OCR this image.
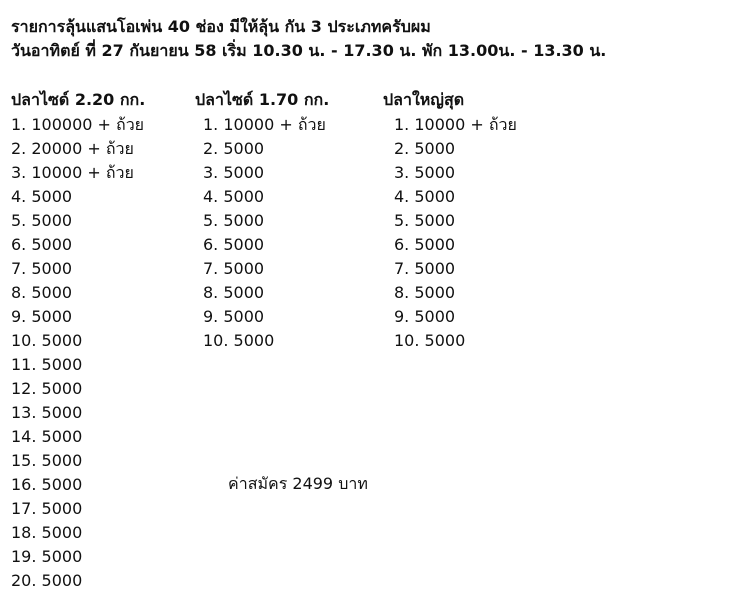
รายการลุ้นแสนโอเพ่น 40 ช่อง มีให้ลุ้น กัน 3 ประเภทครับผม
วันอาทิตย์ ที่ 27 กันยายน 58 เริ่ม 10.30 น. - 17.30 น. พัก 13.00น. - 13.30 น.
ปลาไซด์ 2.20 กก.	ปลาไซด์ 1.70 กก.	ปลาใหญ่สุด
1. 100000 + ถ้วย
2. 20000 + ถ้วย
3. 10000 + ถ้วย
4. 5000
5. 5000
6. 5000
7. 5000
8. 5000
9. 5000
10. 5000
11. 5000
12. 5000
13. 5000
14. 5000
15. 5000
16. 5000
17. 5000
18. 5000
19. 5000
20. 5000
1. 10000 + ถ้วย
2. 5000
3. 5000
4. 5000
5. 5000
6. 5000
7. 5000
8. 5000
9. 5000
10. 5000
1. 10000 + ถ้วย
2. 5000
3. 5000
4. 5000
5. 5000
6. 5000
7. 5000
8. 5000
9. 5000
10. 5000
ค่าสมัคร 2499 บาท
